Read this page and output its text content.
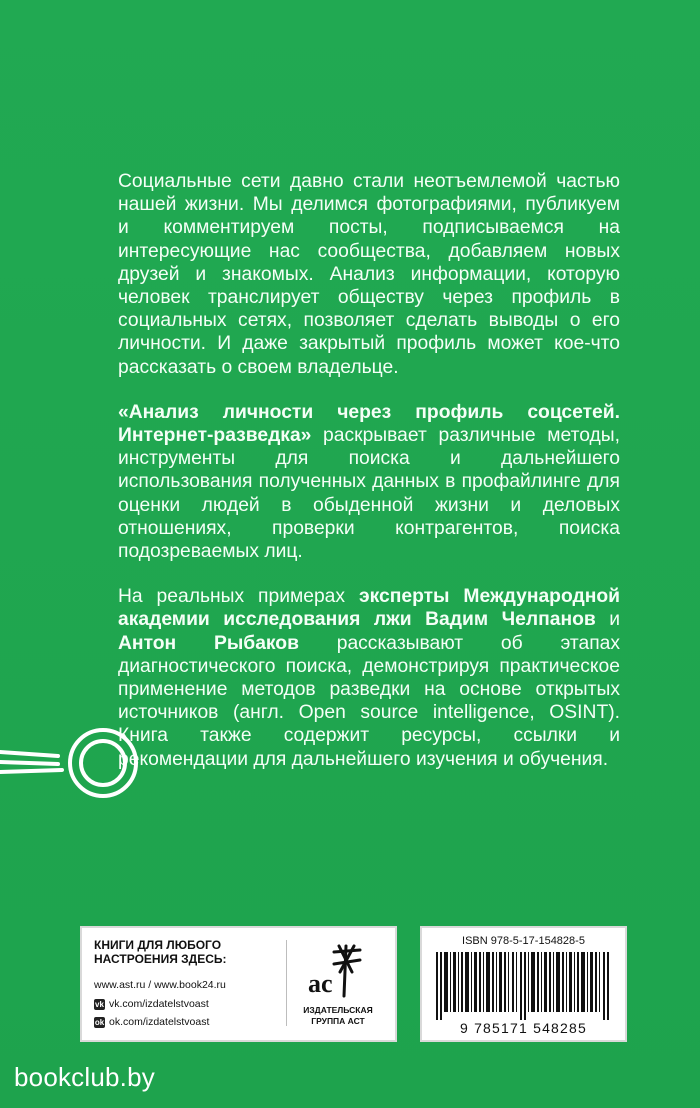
Социальные сети давно стали неотъемлемой частью нашей жизни. Мы делимся фотографиями, публикуем и комментируем посты, подписываемся на интересующие нас сообщества, добавляем новых друзей и знакомых. Анализ информации, которую человек транслирует обществу через профиль в социальных сетях, позволяет сделать выводы о его личности. И даже закрытый профиль может кое-что рассказать о своем владельце.

«Анализ личности через профиль соцсетей. Интернет-разведка» раскрывает различные методы, инструменты для поиска и дальнейшего использования полученных данных в профайлинге для оценки людей в обыденной жизни и деловых отношениях, проверки контрагентов, поиска подозреваемых лиц.

На реальных примерах эксперты Международной академии исследования лжи Вадим Челпанов и Антон Рыбаков рассказывают об этапах диагностического поиска, демонстрируя практическое применение методов разведки на основе открытых источников (англ. Open source intelligence, OSINT). Книга также содержит ресурсы, ссылки и рекомендации для дальнейшего изучения и обучения.

КНИГИ ДЛЯ ЛЮБОГО НАСТРОЕНИЯ ЗДЕСЬ:
www.ast.ru / www.book24.ru
vk vk.com/izdatelstvoast
ok ok.com/izdatelstvoast
ac
ИЗДАТЕЛЬСКАЯ ГРУППА АСТ
ISBN 978-5-17-154828-5
9 785171 548285
bookclub.by
